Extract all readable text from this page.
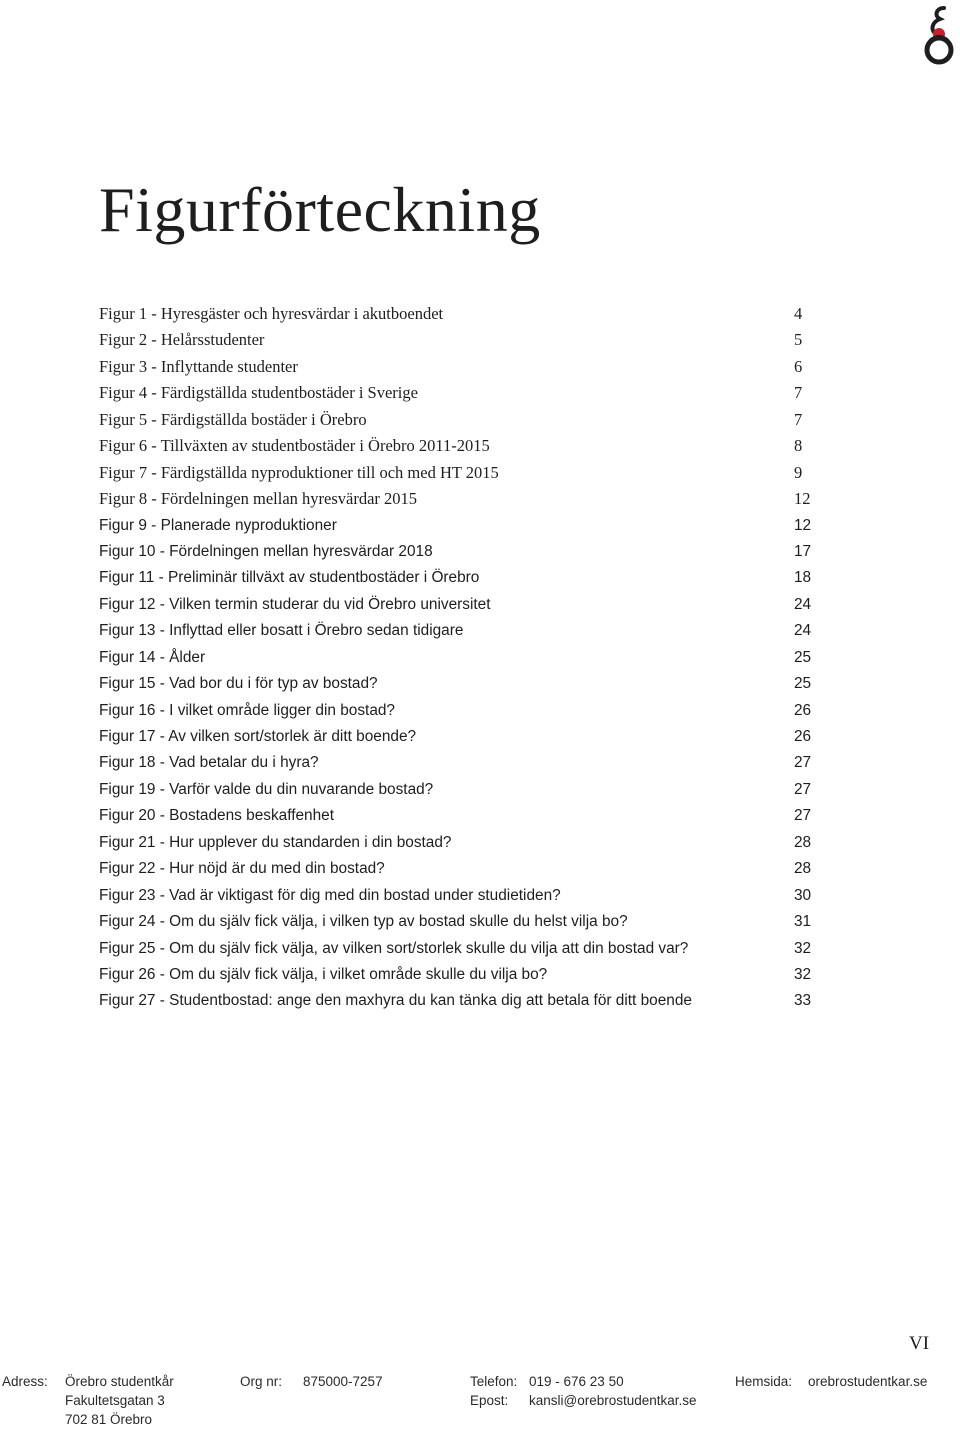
Figurförteckning
Figur 1 - Hyresgäster och hyresvärdar i akutboendet	4
Figur 2 - Helårsstudenter	5
Figur 3 - Inflyttande studenter	6
Figur 4 - Färdigställda studentbostäder i Sverige	7
Figur 5 - Färdigställda bostäder i Örebro	7
Figur 6 - Tillväxten av studentbostäder i Örebro 2011-2015	8
Figur 7 - Färdigställda nyproduktioner till och med HT 2015	9
Figur 8 - Fördelningen mellan hyresvärdar 2015	12
Figur 9 - Planerade nyproduktioner	12
Figur 10 - Fördelningen mellan hyresvärdar 2018	17
Figur 11 - Preliminär tillväxt av studentbostäder i Örebro	18
Figur 12 - Vilken termin studerar du vid Örebro universitet	24
Figur 13 - Inflyttad eller bosatt i Örebro sedan tidigare	24
Figur 14 - Ålder	25
Figur 15 - Vad bor du i för typ av bostad?	25
Figur 16 - I vilket område ligger din bostad?	26
Figur 17 - Av vilken sort/storlek är ditt boende?	26
Figur 18 - Vad betalar du i hyra?	27
Figur 19 - Varför valde du din nuvarande bostad?	27
Figur 20 - Bostadens beskaffenhet	27
Figur 21 - Hur upplever du standarden i din bostad?	28
Figur 22 - Hur nöjd är du med din bostad?	28
Figur 23 - Vad är viktigast för dig med din bostad under studietiden?	30
Figur 24 - Om du själv fick välja, i vilken typ av bostad skulle du helst vilja bo?	31
Figur 25 - Om du själv fick välja, av vilken sort/storlek skulle du vilja att din bostad var?	32
Figur 26 - Om du själv fick välja, i vilket område skulle du vilja bo?	32
Figur 27 - Studentbostad: ange den maxhyra du kan tänka dig att betala för ditt boende	33
VI
Adress: Örebro studentkår
Fakultetsgatan 3
702 81 Örebro
Org nr: 875000-7257	Telefon: 019 - 676 23 50
Epost: kansli@orebrostudentkar.se
Hemsida: orebrostudentkar.se
